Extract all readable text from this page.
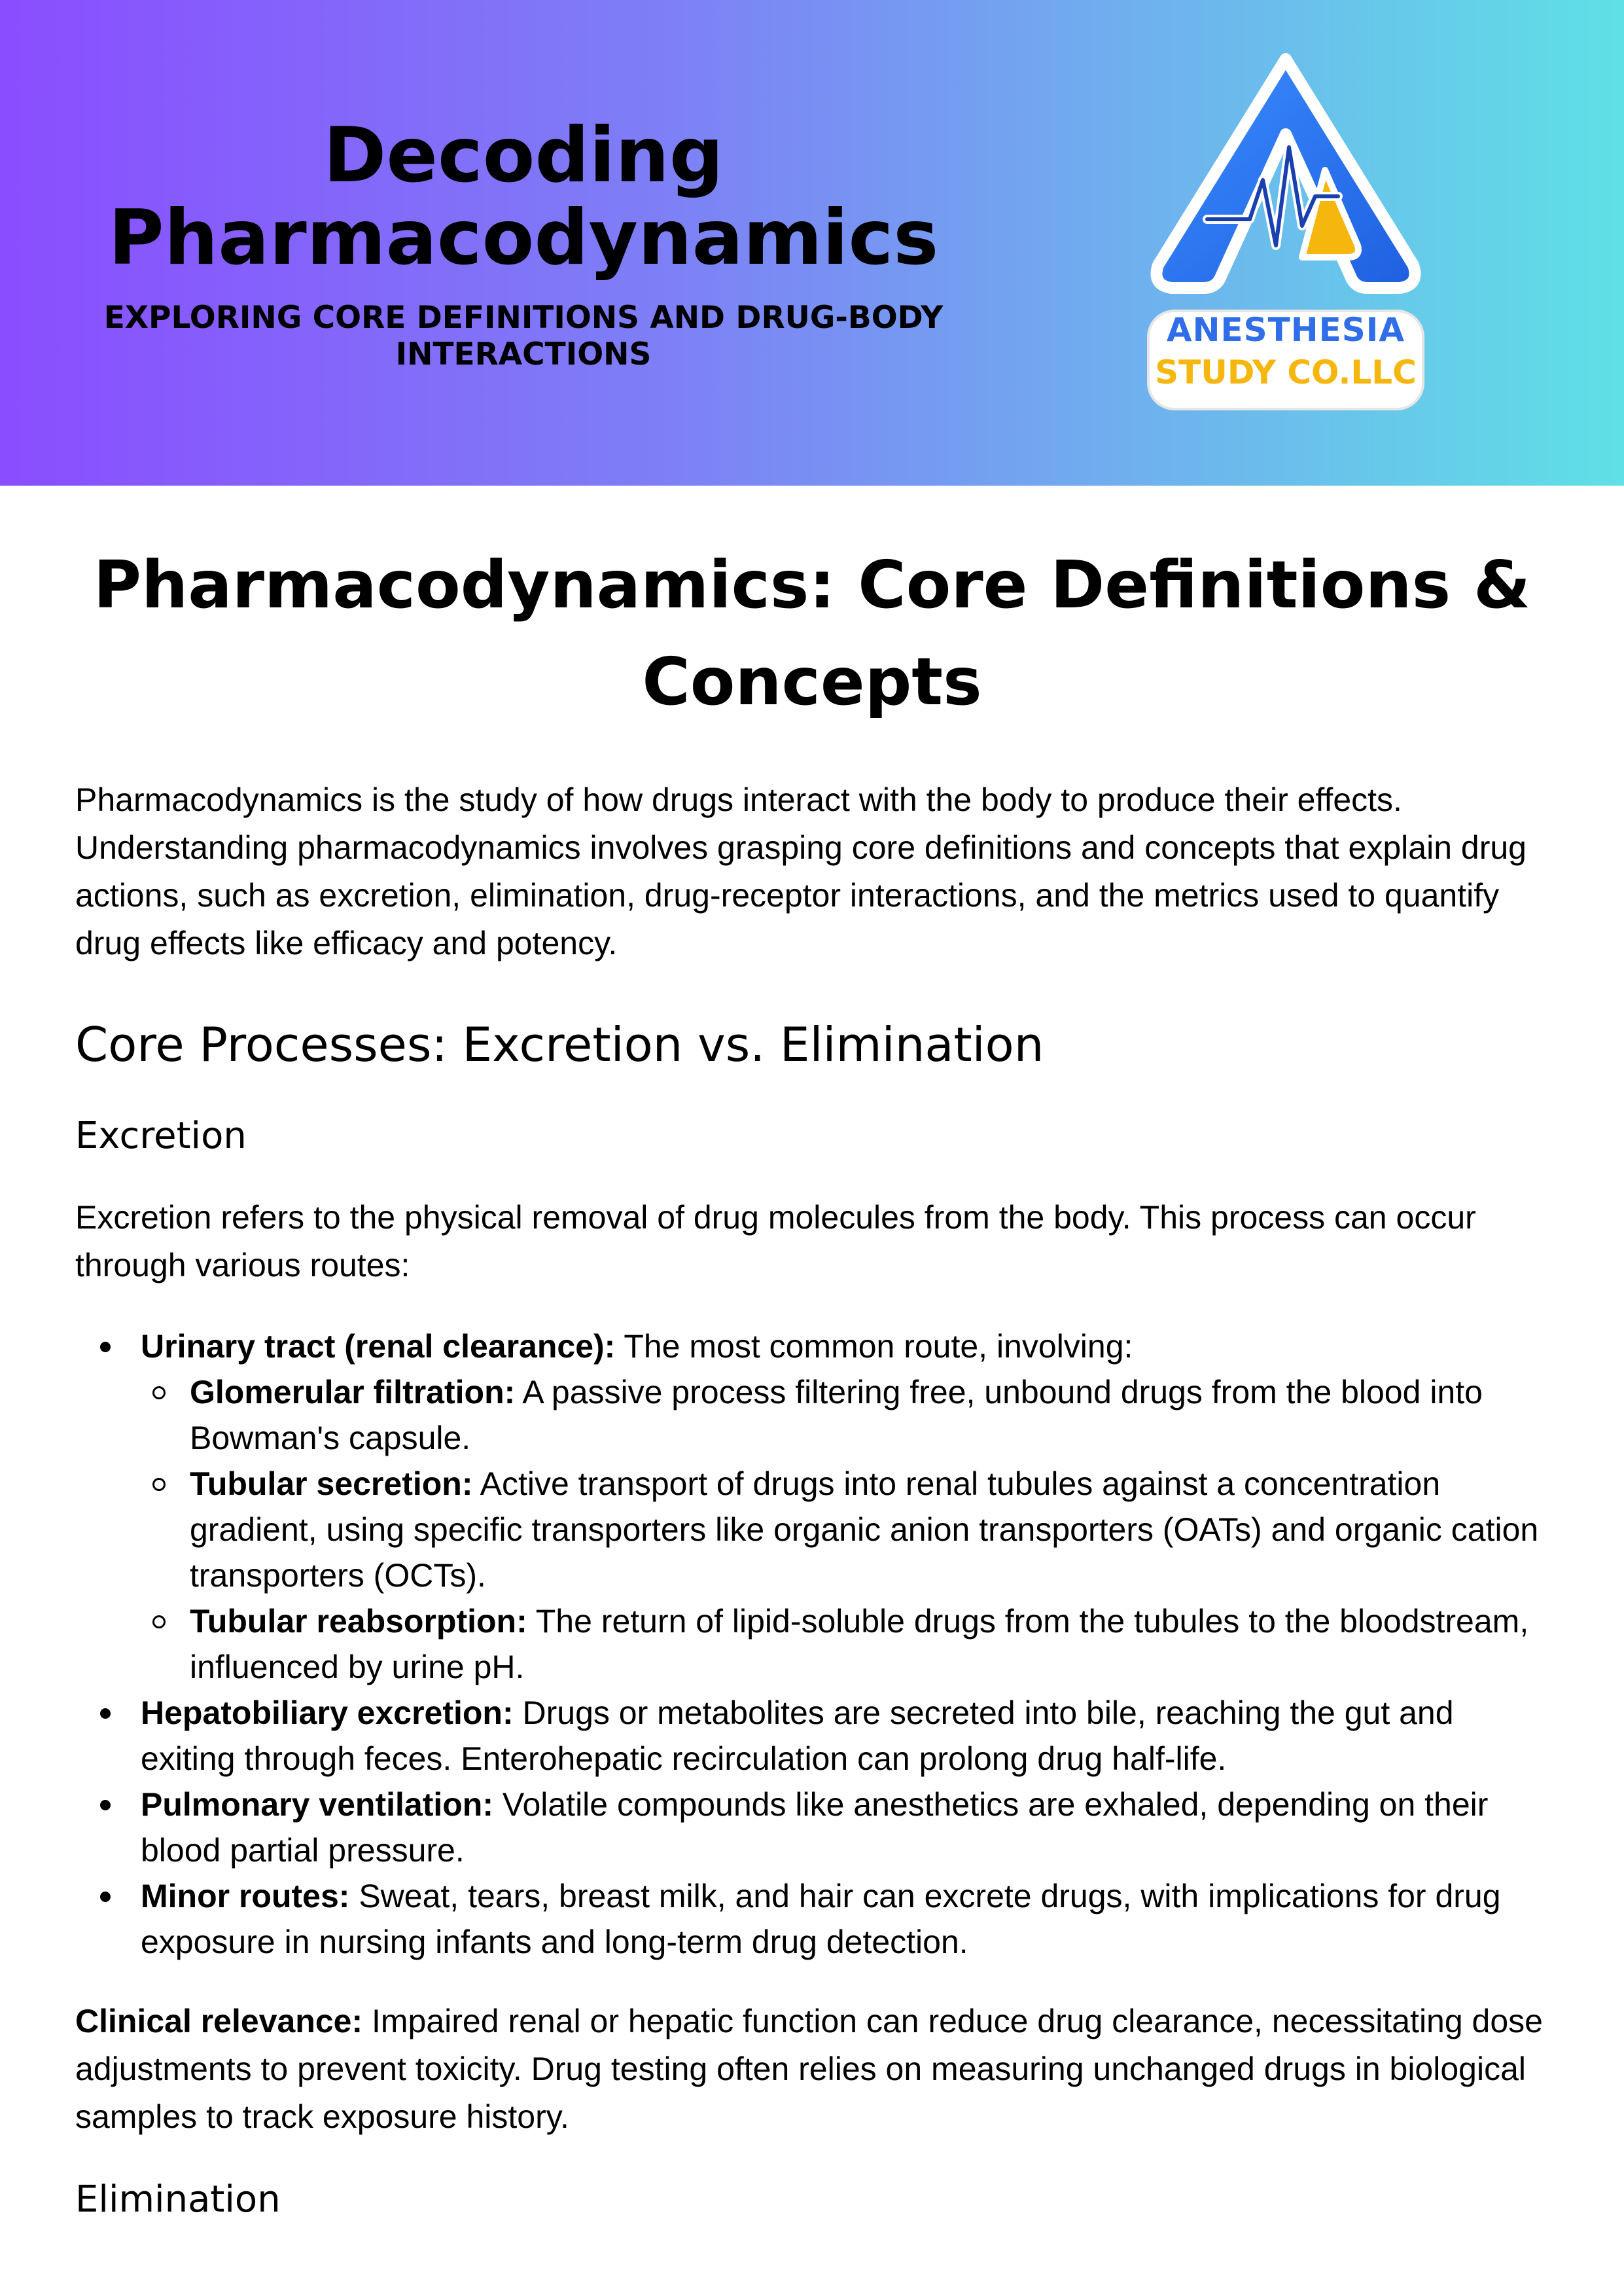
Decoding Pharmacodynamics
EXPLORING CORE DEFINITIONS AND DRUG-BODY INTERACTIONS
ANESTHESIA
STUDY CO.LLC
Pharmacodynamics: Core Definitions & Concepts

Pharmacodynamics is the study of how drugs interact with the body to produce their effects. Understanding pharmacodynamics involves grasping core definitions and concepts that explain drug actions, such as excretion, elimination, drug-receptor interactions, and the metrics used to quantify drug effects like efficacy and potency.

Core Processes: Excretion vs. Elimination
Excretion

Excretion refers to the physical removal of drug molecules from the body. This process can occur through various routes:

Urinary tract (renal clearance): The most common route, involving:
Glomerular filtration: A passive process filtering free, unbound drugs from the blood into Bowman's capsule.
Tubular secretion: Active transport of drugs into renal tubules against a concentration gradient, using specific transporters like organic anion transporters (OATs) and organic cation transporters (OCTs).
Tubular reabsorption: The return of lipid-soluble drugs from the tubules to the bloodstream, influenced by urine pH.
Hepatobiliary excretion: Drugs or metabolites are secreted into bile, reaching the gut and exiting through feces. Enterohepatic recirculation can prolong drug half-life.
Pulmonary ventilation: Volatile compounds like anesthetics are exhaled, depending on their blood partial pressure.
Minor routes: Sweat, tears, breast milk, and hair can excrete drugs, with implications for drug exposure in nursing infants and long-term drug detection.

Clinical relevance: Impaired renal or hepatic function can reduce drug clearance, necessitating dose adjustments to prevent toxicity. Drug testing often relies on measuring unchanged drugs in biological samples to track exposure history.

Elimination
